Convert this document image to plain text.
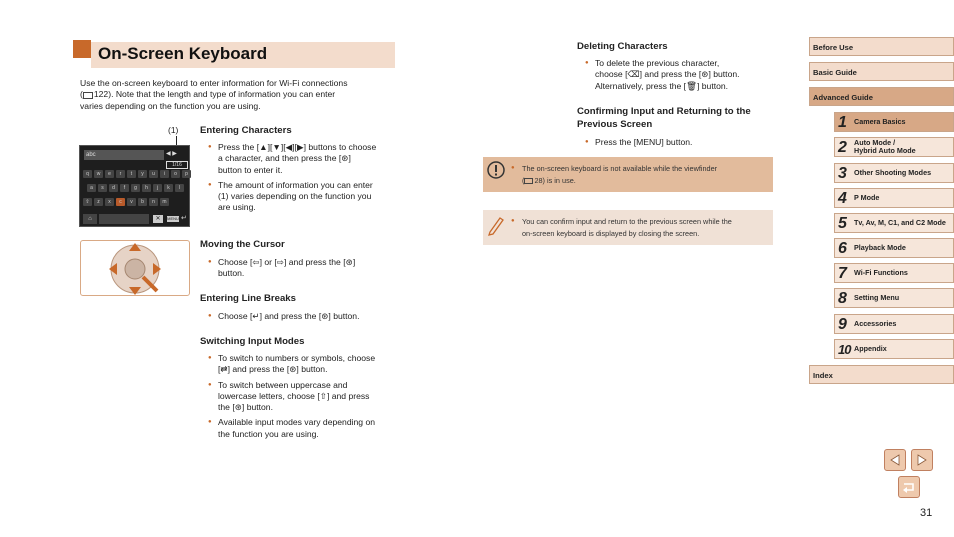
On-Screen Keyboard
Use the on-screen keyboard to enter information for Wi-Fi connections
( 122). Note that the length and type of information you can enter
varies depending on the function you are using.
(1)
abc	◀ ▶
1/16
q	w	e	r	t	y	u	i	o	p
a	s	d	f	g	h	j	k	l
⇧	z	x	c	v	b	n	m
⌂	✕	MENU ↵
Entering Characters
● Press the [▲][▼][◀][▶] buttons to choose
a character, and then press the [⊛]
button to enter it.
● The amount of information you can enter
(1) varies depending on the function you
are using.
Moving the Cursor
● Choose [⇦] or [⇨] and press the [⊛]
button.
Entering Line Breaks
● Choose [↵] and press the [⊛] button.
Switching Input Modes
● To switch to numbers or symbols, choose
[⇄] and press the [⊛] button.
● To switch between uppercase and
lowercase letters, choose [⇧] and press
the [⊛] button.
● Available input modes vary depending on
the function you are using.
Deleting Characters
● To delete the previous character,
choose [⌫] and press the [⊛] button.
Alternatively, press the [🗑] button.
Confirming Input and Returning to the
Previous Screen
● Press the [MENU] button.
● The on-screen keyboard is not available while the viewfinder
( 28) is in use.
● You can confirm input and return to the previous screen while the
on-screen keyboard is displayed by closing the screen.
Before Use
Basic Guide
Advanced Guide
1 Camera Basics
2 Auto Mode /
Hybrid Auto Mode
3 Other Shooting Modes
4 P Mode
5 Tv, Av, M, C1, and C2 Mode
6 Playback Mode
7 Wi-Fi Functions
8 Setting Menu
9 Accessories
10 Appendix
Index
31
